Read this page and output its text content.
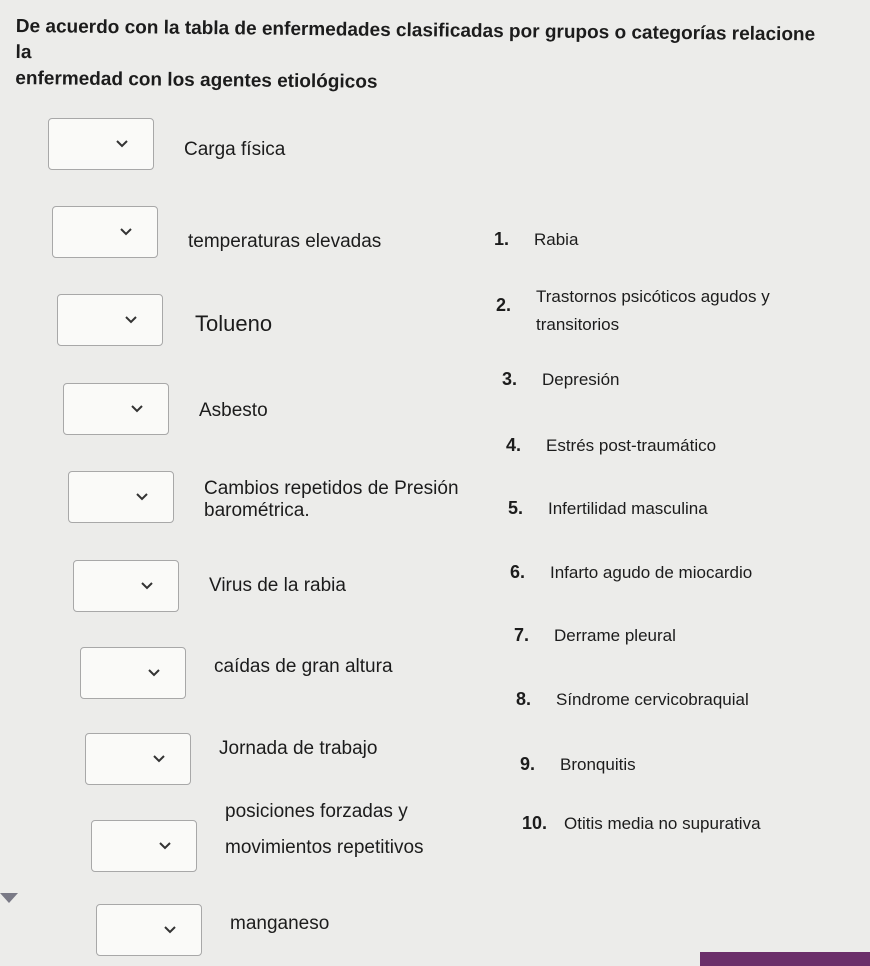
De acuerdo con la tabla de enfermedades clasificadas por grupos o categorías relacione la
enfermedad con los agentes etiológicos
Carga física
temperaturas elevadas
Tolueno
Asbesto
Cambios repetidos de Presión
barométrica.
Virus de la rabia
caídas de gran altura
Jornada de trabajo
posiciones forzadas y
movimientos repetitivos
manganeso
1. Rabia
2. Trastornos psicóticos agudos y
transitorios
3. Depresión
4. Estrés post-traumático
5. Infertilidad masculina
6. Infarto agudo de miocardio
7. Derrame pleural
8. Síndrome cervicobraquial
9. Bronquitis
10. Otitis media no supurativa
